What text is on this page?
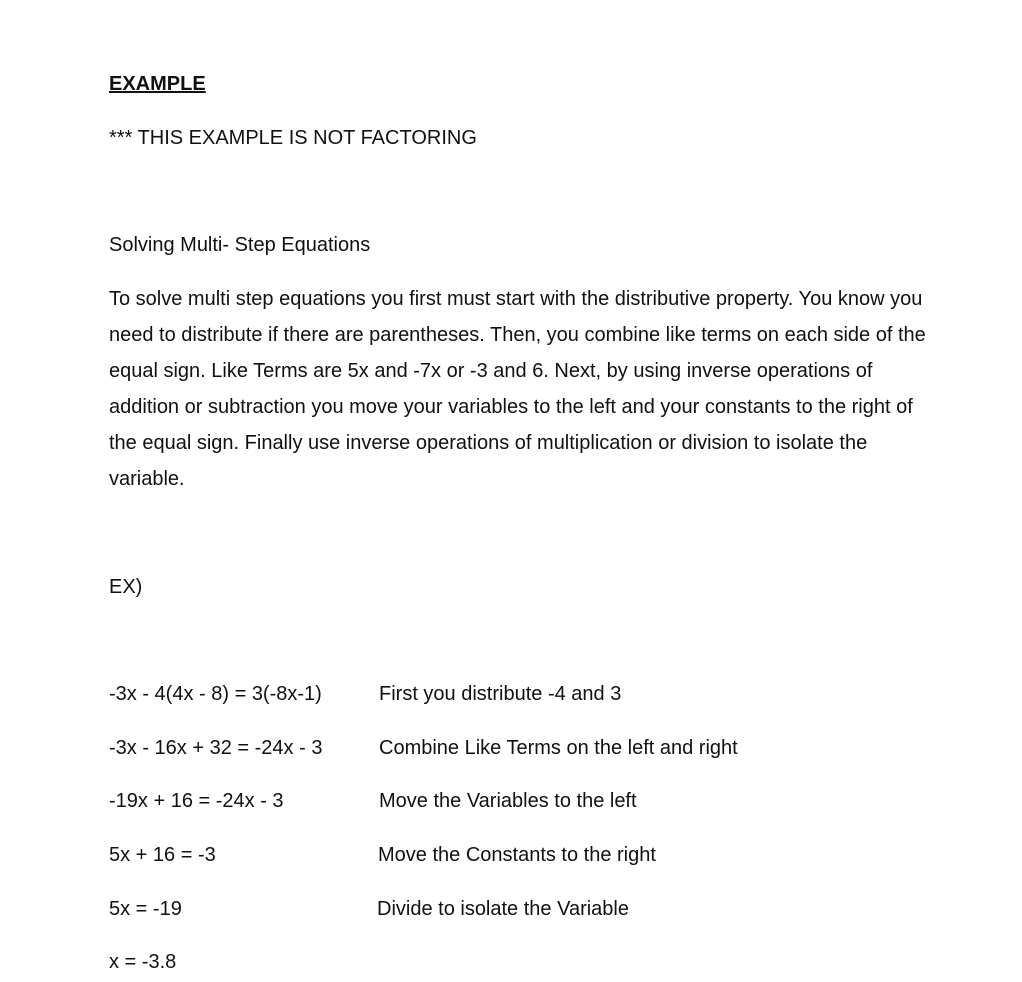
EXAMPLE
*** THIS EXAMPLE IS NOT FACTORING
Solving Multi- Step Equations
To solve multi step equations you first must start with the distributive property. You know you need to distribute if there are parentheses. Then, you combine like terms on each side of the equal sign. Like Terms are 5x and -7x or -3 and 6. Next, by using inverse operations of addition or subtraction you move your variables to the left and your constants to the right of the equal sign. Finally use inverse operations of multiplication or division to isolate the variable.
EX)
-3x - 4(4x - 8) = 3(-8x-1)	First you distribute -4 and 3
-3x - 16x + 32 = -24x - 3	Combine Like Terms on the left and right
-19x + 16 = -24x - 3	Move the Variables to the left
5x + 16 = -3	Move the Constants to the right
5x = -19	Divide to isolate the Variable
x = -3.8
